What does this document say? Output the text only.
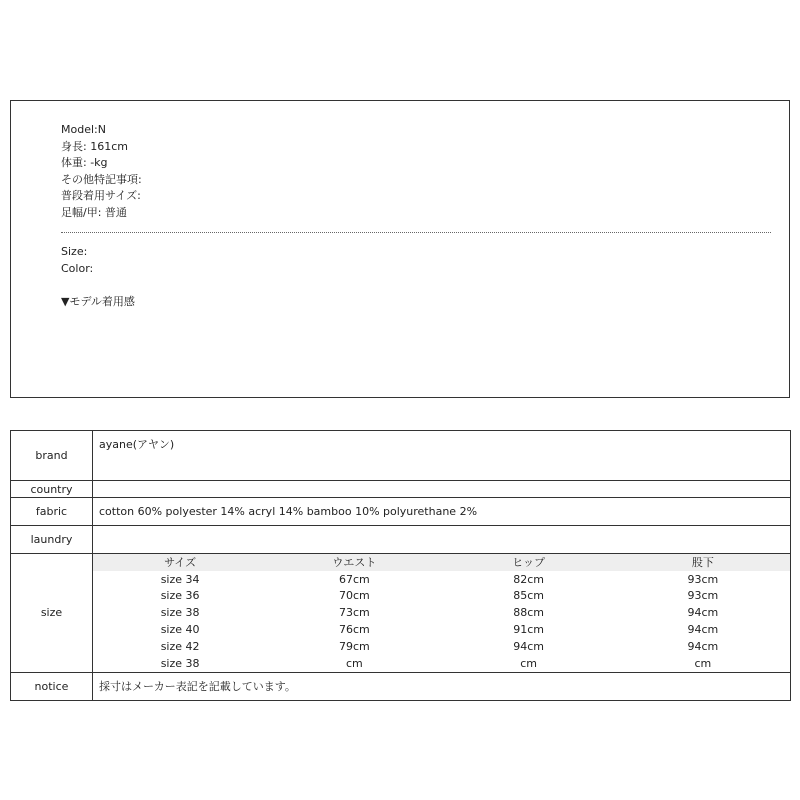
Model:N
身長: 161cm
体重: -kg
その他特記事項:
普段着用サイズ:
足幅/甲: 普通
Size:
Color:
▼モデル着用感
brand	ayane(アヤン)
country	
fabric	cotton 60% polyester 14% acryl 14% bamboo 10% polyurethane 2%
laundry	
size	
サイズ	ウエスト	ヒップ	股下
size 34	67cm	82cm	93cm
size 36	70cm	85cm	93cm
size 38	73cm	88cm	94cm
size 40	76cm	91cm	94cm
size 42	79cm	94cm	94cm
size 38	cm	cm	cm

notice	採寸はメーカー表記を記載しています。
